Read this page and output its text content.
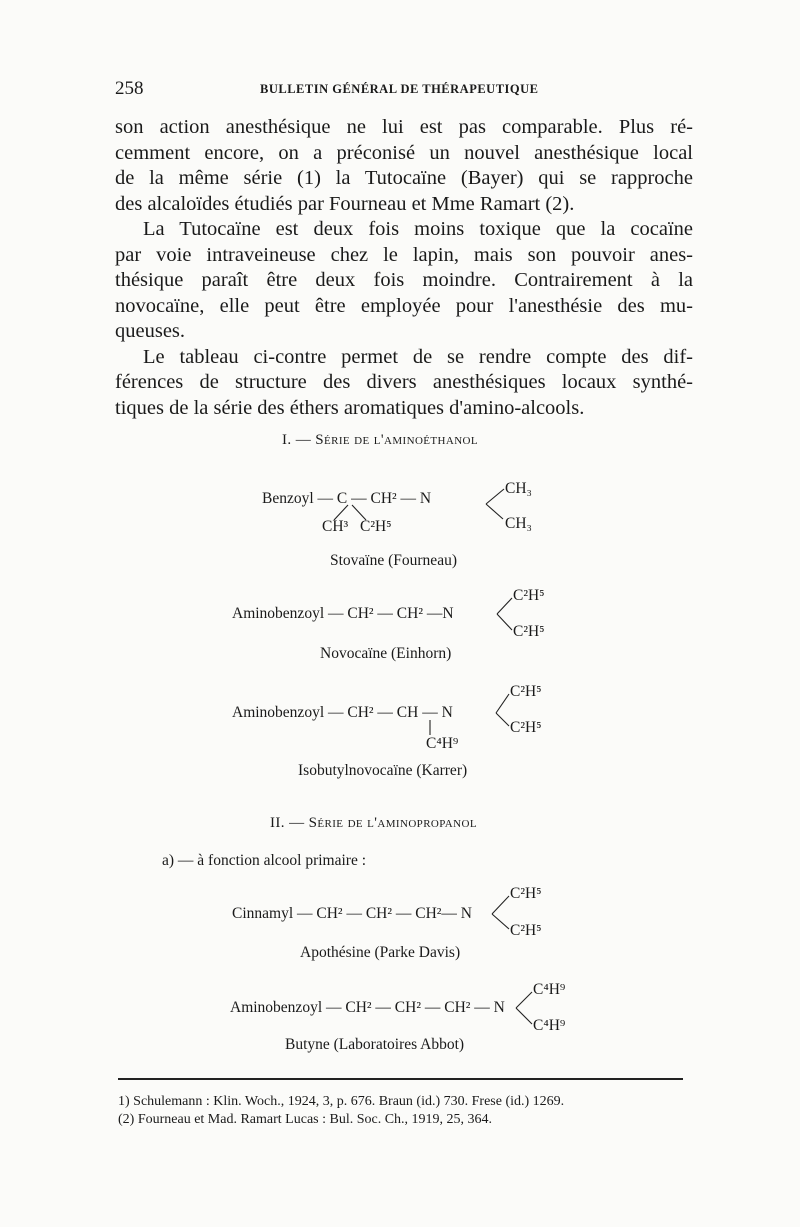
258	BULLETIN GÉNÉRAL DE THÉRAPEUTIQUE
son action anesthésique ne lui est pas comparable. Plus ré-
cemment encore, on a préconisé un nouvel anesthésique local
de la même série (1) la Tutocaïne (Bayer) qui se rapproche
des alcaloïdes étudiés par Fourneau et Mme Ramart (2).
La Tutocaïne est deux fois moins toxique que la cocaïne
par voie intraveineuse chez le lapin, mais son pouvoir anes-
thésique paraît être deux fois moindre. Contrairement à la
novocaïne, elle peut être employée pour l'anesthésie des mu-
queuses.
Le tableau ci-contre permet de se rendre compte des dif-
férences de structure des divers anesthésiques locaux synthé-
tiques de la série des éthers aromatiques d'amino-alcools.
I. — Série de l'aminoéthanol
Benzoyl — C — CH² — N
CH₃
CH₃
CH³ C²H⁵
Stovaïne (Fourneau)
Aminobenzoyl — CH² — CH² —N
C²H⁵
C²H⁵
Novocaïne (Einhorn)
Aminobenzoyl — CH² — CH — N
C²H⁵
C²H⁵
C⁴H⁹
Isobutylnovocaïne (Karrer)
II. — Série de l'aminopropanol
a) — à fonction alcool primaire :
Cinnamyl — CH² — CH² — CH²— N
C²H⁵
C²H⁵
Apothésine (Parke Davis)
Aminobenzoyl — CH² — CH² — CH² — N
C⁴H⁹
C⁴H⁹
Butyne (Laboratoires Abbot)
1) Schulemann : Klin. Woch., 1924, 3, p. 676. Braun (id.) 730. Frese (id.) 1269.
(2) Fourneau et Mad. Ramart Lucas : Bul. Soc. Ch., 1919, 25, 364.
